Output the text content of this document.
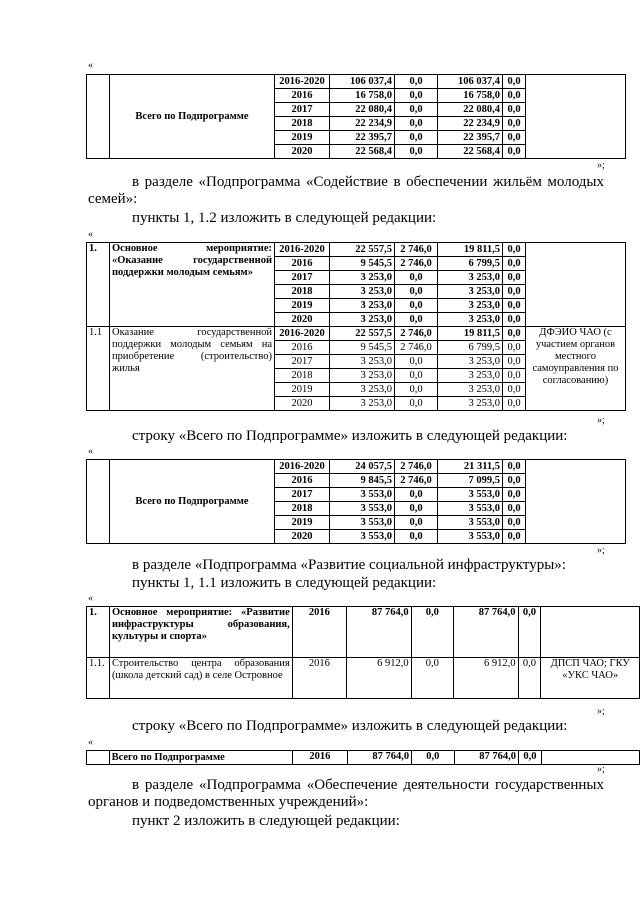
«
	Всего по Подпрограмме	2016-2020	106 037,4	0,0	106 037,4	0,0	
		2016	16 758,0	0,0	16 758,0	0,0	
		2017	22 080,4	0,0	22 080,4	0,0	
		2018	22 234,9	0,0	22 234,9	0,0	
		2019	22 395,7	0,0	22 395,7	0,0	
		2020	22 568,4	0,0	22 568,4	0,0	
»;
в разделе «Подпрограмма «Содействие в обеспечении жильём молодых
семей»:
пункты 1, 1.2 изложить в следующей редакции:
«
1.	Основное мероприятие: «Оказание государственной поддержки молодым семьям»	2016-2020	22 557,5	2 746,0	19 811,5	0,0	
		2016	9 545,5	2 746,0	6 799,5	0,0	
		2017	3 253,0	0,0	3 253,0	0,0	
		2018	3 253,0	0,0	3 253,0	0,0	
		2019	3 253,0	0,0	3 253,0	0,0	
		2020	3 253,0	0,0	3 253,0	0,0	
1.1	Оказание государственной поддержки молодым семьям на приобретение (строительство) жилья	2016-2020	22 557,5	2 746,0	19 811,5	0,0	ДФЭИО ЧАО (с участием органов местного самоуправления по согласованию)
		2016	9 545,5	2 746,0	6 799,5	0,0	
		2017	3 253,0	0,0	3 253,0	0,0	
		2018	3 253,0	0,0	3 253,0	0,0	
		2019	3 253,0	0,0	3 253,0	0,0	
		2020	3 253,0	0,0	3 253,0	0,0	
»;
строку «Всего по Подпрограмме» изложить в следующей редакции:
«
	Всего по Подпрограмме	2016-2020	24 057,5	2 746,0	21 311,5	0,0	
		2016	9 845,5	2 746,0	7 099,5	0,0	
		2017	3 553,0	0,0	3 553,0	0,0	
		2018	3 553,0	0,0	3 553,0	0,0	
		2019	3 553,0	0,0	3 553,0	0,0	
		2020	3 553,0	0,0	3 553,0	0,0	
»;
в разделе «Подпрограмма «Развитие социальной инфраструктуры»:
пункты 1, 1.1 изложить в следующей редакции:
«
1.	Основное мероприятие: «Развитие инфраструктуры образования, культуры и спорта»	2016	87 764,0	0,0	87 764,0	0,0	
1.1.	Строительство центра образования (школа детский сад) в селе Островное	2016	6 912,0	0,0	6 912,0	0,0	ДПСП ЧАО; ГКУ «УКС ЧАО»
»;
строку «Всего по Подпрограмме» изложить в следующей редакции:
«
	Всего по Подпрограмме	2016	87 764,0	0,0	87 764,0	0,0	
»;
в разделе «Подпрограмма «Обеспечение деятельности государственных
органов и подведомственных учреждений»:
пункт 2 изложить в следующей редакции:
